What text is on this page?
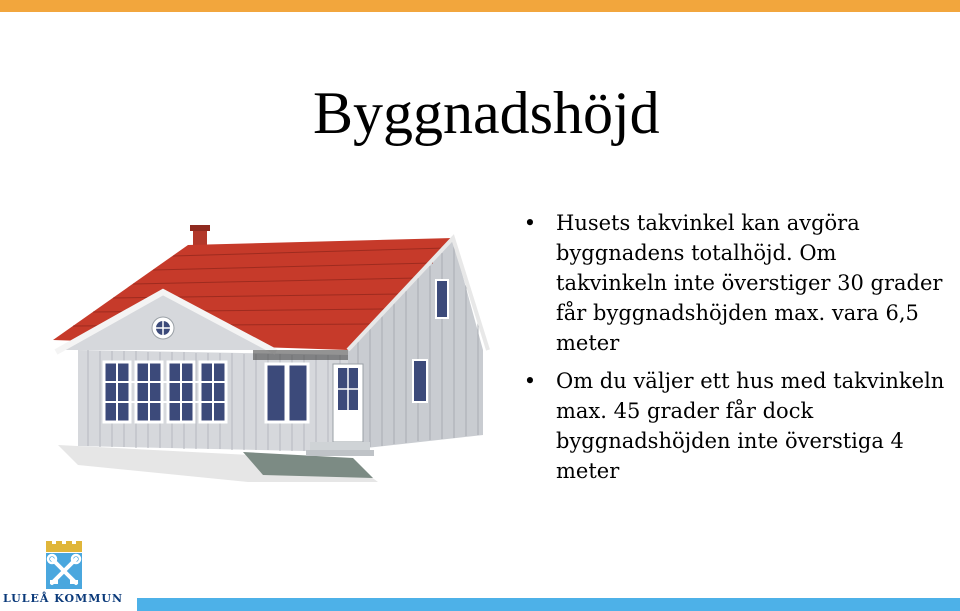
Byggnadshöjd
• Husets takvinkel kan avgöra byggnadens totalhöjd. Om takvinkeln inte överstiger 30 grader får byggnadshöjden max. vara 6,5 meter
• Om du väljer ett hus med takvinkeln max. 45 grader får dock byggnadshöjden inte överstiga 4 meter
LULEÅ KOMMUN
